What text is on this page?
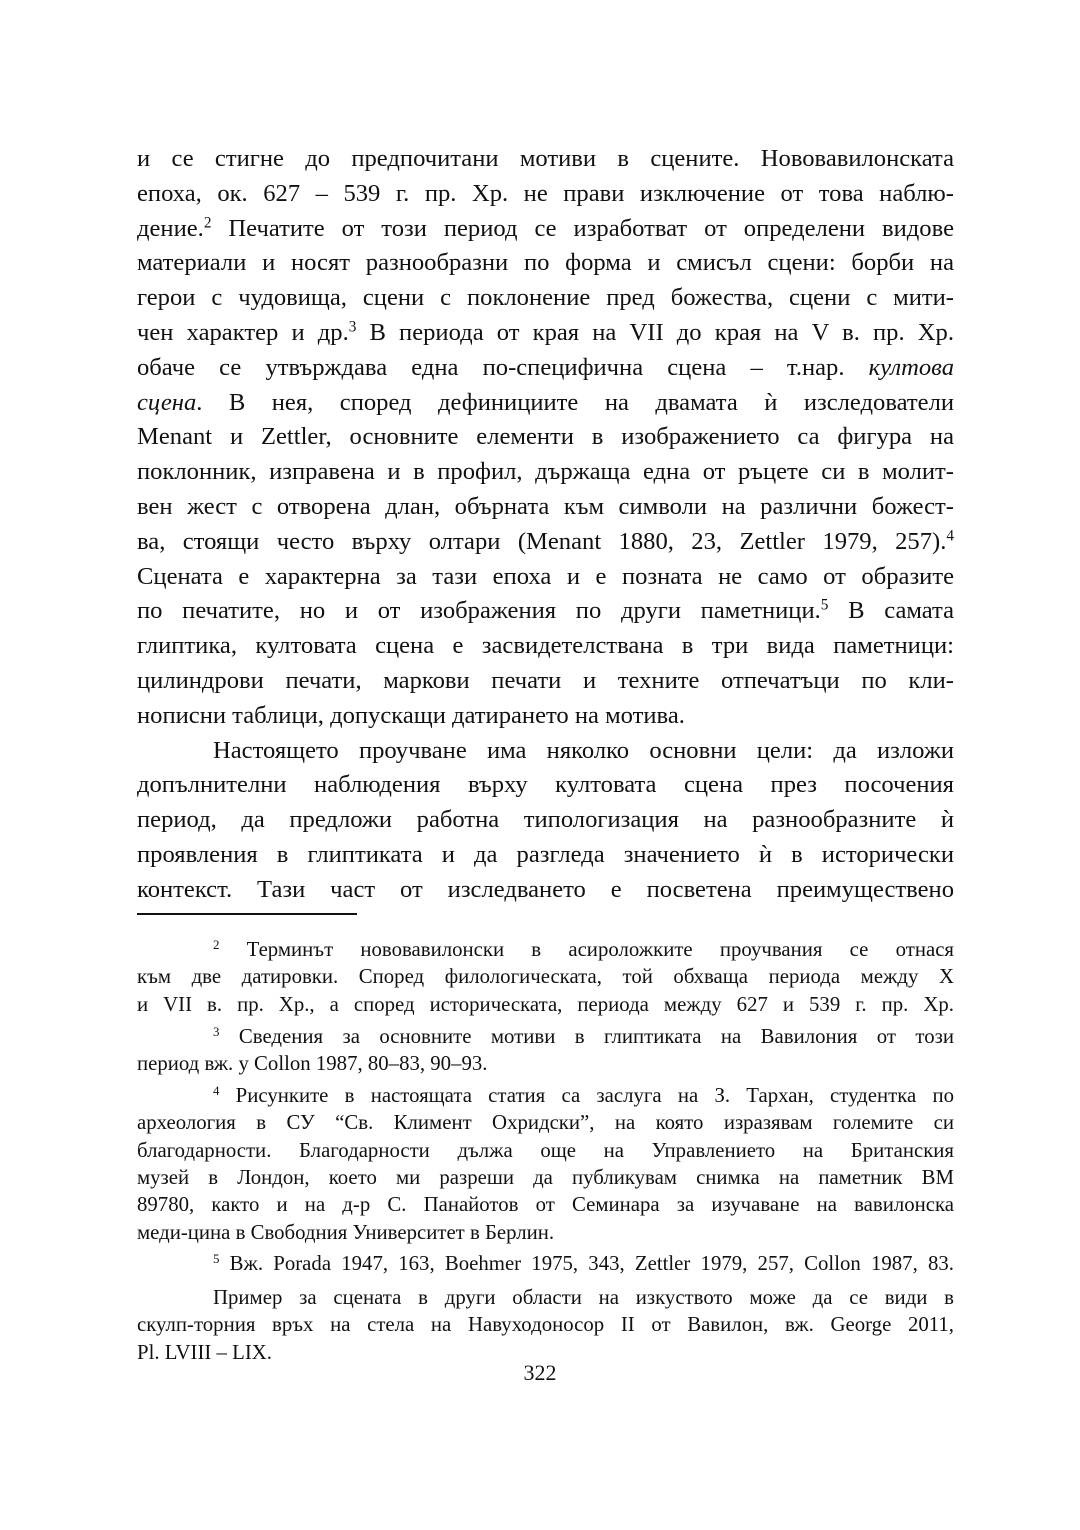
и се стигне до предпочитани мотиви в сцените. Нововавилонската
епоха, ок. 627 – 539 г. пр. Хр. не прави изключение от това наблю-
дение.$^2$ Печатите от този период се изработват от определени видове
материали и носят разнообразни по форма и смисъл сцени: борби на
герои с чудовища, сцени с поклонение пред божества, сцени с мити-
чен характер и др.$^3$ В периода от края на VII до края на V в. пр. Хр.
обаче се утвърждава една по-специфична сцена – т.нар. култова
сцена. В нея, според дефинициите на двамата ѝ изследователи
Menant и Zettler, основните елементи в изображението са фигура на
поклонник, изправена и в профил, държаща една от ръцете си в молит-
вен жест с отворена длан, обърната към символи на различни божест-
ва, стоящи често върху олтари (Menant 1880, 23, Zettler 1979, 257).$^4$
Сцената е характерна за тази епоха и е позната не само от образите
по печатите, но и от изображения по други паметници.$^5$ В самата
глиптика, култовата сцена е засвидетелствана в три вида паметници:
цилиндрови печати, маркови печати и техните отпечатъци по кли-
нописни таблици, допускащи датирането на мотива.
Настоящето проучване има няколко основни цели: да изложи
допълнителни наблюдения върху култовата сцена през посочения
период, да предложи работна типологизация на разнообразните ѝ
проявления в глиптиката и да разгледа значението ѝ в исторически
контекст. Тази част от изследването е посветена преимуществено
$^2$ Терминът нововавилонски в асироложките проучвания се отнася
към две датировки. Според филологическата, той обхваща периода между X
и VII в. пр. Хр., а според историческата, периода между 627 и 539 г. пр. Хр.
$^3$ Сведения за основните мотиви в глиптиката на Вавилония от този
период вж. у Collon 1987, 80–83, 90–93.
$^4$ Рисунките в настоящата статия са заслуга на З. Тархан, студентка по
археология в СУ “Св. Климент Охридски”, на която изразявам големите си
благодарности. Благодарности дължа още на Управлението на Британския
музей в Лондон, което ми разреши да публикувам снимка на паметник BM
89780, както и на д-р С. Панайотов от Семинара за изучаване на вавилонска
меди-цина в Свободния Университет в Берлин.
$^5$ Вж. Porada 1947, 163, Boehmer 1975, 343, Zettler 1979, 257, Collon 1987, 83.
Пример за сцената в други области на изкуството може да се види в
скулп-торния връх на стела на Навуходоносор II от Вавилон, вж. George 2011,
Pl. LVIII – LIX.
322
